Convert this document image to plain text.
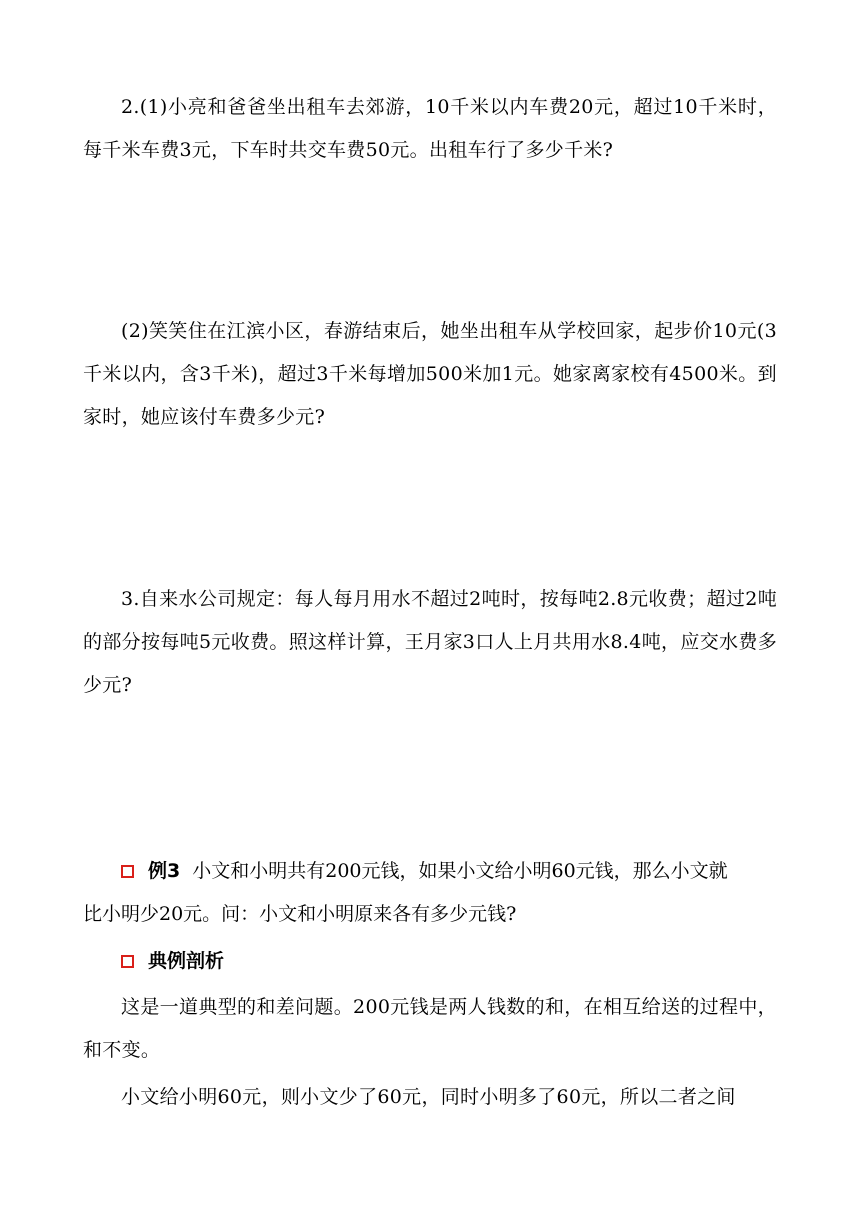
2.(1)小亮和爸爸坐出租车去郊游，10千米以内车费20元，超过10千米时，每千米车费3元，下车时共交车费50元。出租车行了多少千米?
(2)笑笑住在江滨小区，春游结束后，她坐出租车从学校回家，起步价10元(3千米以内，含3千米)，超过3千米每增加500米加1元。她家离家校有4500米。到家时，她应该付车费多少元?
3.自来水公司规定：每人每月用水不超过2吨时，按每吨2.8元收费；超过2吨的部分按每吨5元收费。照这样计算，王月家3口人上月共用水8.4吨，应交水费多少元?
例3 小文和小明共有200元钱，如果小文给小明60元钱，那么小文就
比小明少20元。问：小文和小明原来各有多少元钱?
典例剖析
这是一道典型的和差问题。200元钱是两人钱数的和，在相互给送的过程中，和不变。
小文给小明60元，则小文少了60元，同时小明多了60元，所以二者之间
